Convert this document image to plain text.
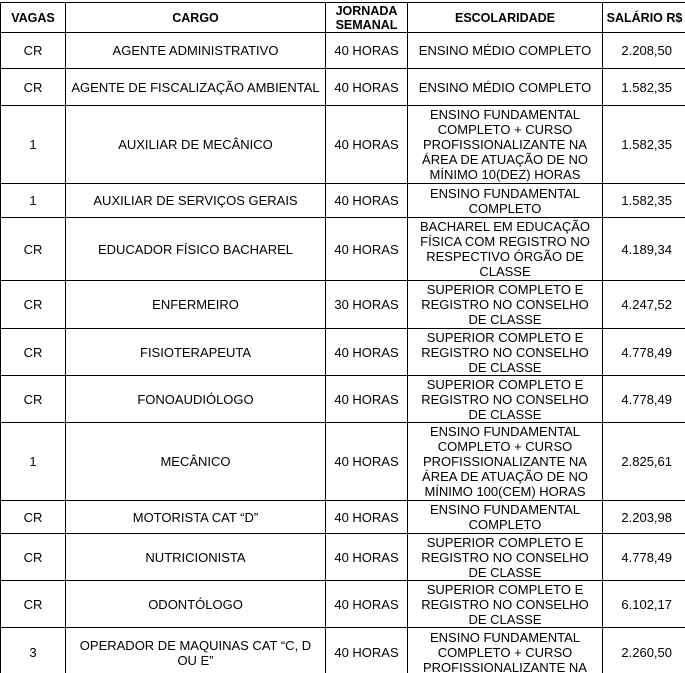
VAGAS	CARGO	JORNADA SEMANAL	ESCOLARIDADE	SALÁRIO R$
CR	AGENTE ADMINISTRATIVO	40 HORAS	ENSINO MÉDIO COMPLETO	2.208,50
CR	AGENTE DE FISCALIZAÇÃO AMBIENTAL	40 HORAS	ENSINO MÉDIO COMPLETO	1.582,35
1	AUXILIAR DE MECÂNICO	40 HORAS	ENSINO FUNDAMENTAL COMPLETO + CURSO PROFISSIONALIZANTE NA ÁREA DE ATUAÇÃO DE NO MÍNIMO 10(DEZ) HORAS	1.582,35
1	AUXILIAR DE SERVIÇOS GERAIS	40 HORAS	ENSINO FUNDAMENTAL COMPLETO	1.582,35
CR	EDUCADOR FÍSICO BACHAREL	40 HORAS	BACHAREL EM EDUCAÇÃO FÍSICA COM REGISTRO NO RESPECTIVO ÓRGÃO DE CLASSE	4.189,34
CR	ENFERMEIRO	30 HORAS	SUPERIOR COMPLETO E REGISTRO NO CONSELHO DE CLASSE	4.247,52
CR	FISIOTERAPEUTA	40 HORAS	SUPERIOR COMPLETO E REGISTRO NO CONSELHO DE CLASSE	4.778,49
CR	FONOAUDIÓLOGO	40 HORAS	SUPERIOR COMPLETO E REGISTRO NO CONSELHO DE CLASSE	4.778,49
1	MECÂNICO	40 HORAS	ENSINO FUNDAMENTAL COMPLETO + CURSO PROFISSIONALIZANTE NA ÁREA DE ATUAÇÃO DE NO MÍNIMO 100(CEM) HORAS	2.825,61
CR	MOTORISTA CAT “D”	40 HORAS	ENSINO FUNDAMENTAL COMPLETO	2.203,98
CR	NUTRICIONISTA	40 HORAS	SUPERIOR COMPLETO E REGISTRO NO CONSELHO DE CLASSE	4.778,49
CR	ODONTÓLOGO	40 HORAS	SUPERIOR COMPLETO E REGISTRO NO CONSELHO DE CLASSE	6.102,17
3	OPERADOR DE MAQUINAS CAT “C, D OU E”	40 HORAS	ENSINO FUNDAMENTAL COMPLETO + CURSO PROFISSIONALIZANTE NA	2.260,50
